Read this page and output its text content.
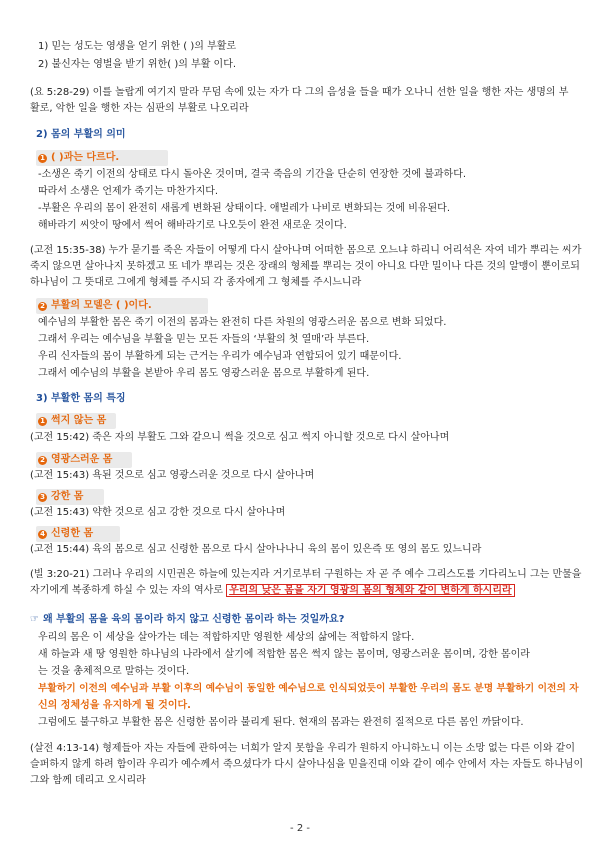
1) 믿는 성도는 영생을 얻기 위한 ( )의 부활로
2) 불신자는 영벌을 받기 위한( )의 부활 이다.
(요 5:28-29) 이를 놀랍게 여기지 말라 무덤 속에 있는 자가 다 그의 음성을 들을 때가 오나니 선한 일을 행한 자는 생명의 부
활로, 악한 일을 행한 자는 심판의 부활로 나오리라
2) 몸의 부활의 의미
1 ( )과는 다르다.
-소생은 죽기 이전의 상태로 다시 돌아온 것이며, 결국 죽음의 기간을 단순히 연장한 것에 불과하다.
따라서 소생은 언제가 죽기는 마찬가지다.
-부활은 우리의 몸이 완전히 새롭게 변화된 상태이다. 애벌레가 나비로 변화되는 것에 비유된다.
해바라기 씨앗이 땅에서 썩어 해바라기로 나오듯이 완전 새로운 것이다.
(고전 15:35-38) 누가 묻기를 죽은 자들이 어떻게 다시 살아나며 어떠한 몸으로 오느냐 하리니 어리석은 자여 네가 뿌리는 씨가
죽지 않으면 살아나지 못하겠고 또 네가 뿌리는 것은 장래의 형체를 뿌리는 것이 아니요 다만 밀이나 다른 것의 알맹이 뿐이로되
하나님이 그 뜻대로 그에게 형체를 주시되 각 종자에게 그 형체를 주시느니라
2 부활의 모델은 ( )이다.
예수님의 부활한 몸은 죽기 이전의 몸과는 완전히 다른 차원의 영광스러운 몸으로 변화 되었다.
그래서 우리는 예수님을 부활을 믿는 모든 자들의 ‘부활의 첫 열매’라 부른다.
우리 신자들의 몸이 부활하게 되는 근거는 우리가 예수님과 연합되어 있기 때문이다.
그래서 예수님의 부활을 본받아 우리 몸도 영광스러운 몸으로 부활하게 된다.
3) 부활한 몸의 특징
1 썩지 않는 몸
(고전 15:42) 죽은 자의 부활도 그와 같으니 썩을 것으로 심고 썩지 아니할 것으로 다시 살아나며
2 영광스러운 몸
(고전 15:43) 욕된 것으로 심고 영광스러운 것으로 다시 살아나며
3 강한 몸
(고전 15:43) 약한 것으로 심고 강한 것으로 다시 살아나며
4 신령한 몸
(고전 15:44) 육의 몸으로 심고 신령한 몸으로 다시 살아나나니 육의 몸이 있은즉 또 영의 몸도 있느니라
(빌 3:20-21) 그러나 우리의 시민권은 하늘에 있는지라 거기로부터 구원하는 자 곧 주 예수 그리스도를 기다리노니 그는 만물을
자기에게 복종하게 하실 수 있는 자의 역사로 우리의 낮은 몸을 자기 영광의 몸의 형체와 같이 변하게 하시리라
☞ 왜 부활의 몸을 육의 몸이라 하지 않고 신령한 몸이라 하는 것일까요?
우리의 몸은 이 세상을 살아가는 데는 적합하지만 영원한 세상의 삶에는 적합하지 않다.
새 하늘과 새 땅 영원한 하나님의 나라에서 살기에 적합한 몸은 썩지 않는 몸이며, 영광스러운 몸이며, 강한 몸이라
는 것을 총체적으로 말하는 것이다.
부활하기 이전의 예수님과 부활 이후의 예수님이 동일한 예수님으로 인식되었듯이 부활한 우리의 몸도 분명 부활하기 이전의 자
신의 정체성을 유지하게 될 것이다.
그럼에도 불구하고 부활한 몸은 신령한 몸이라 불리게 된다. 현재의 몸과는 완전히 질적으로 다른 몸인 까닭이다.
(살전 4:13-14) 형제들아 자는 자들에 관하여는 너희가 알지 못함을 우리가 원하지 아니하노니 이는 소망 없는 다른 이와 같이
슬퍼하지 않게 하려 함이라 우리가 예수께서 죽으셨다가 다시 살아나심을 믿을진대 이와 같이 예수 안에서 자는 자들도 하나님이
그와 함께 데리고 오시리라
- 2 -
